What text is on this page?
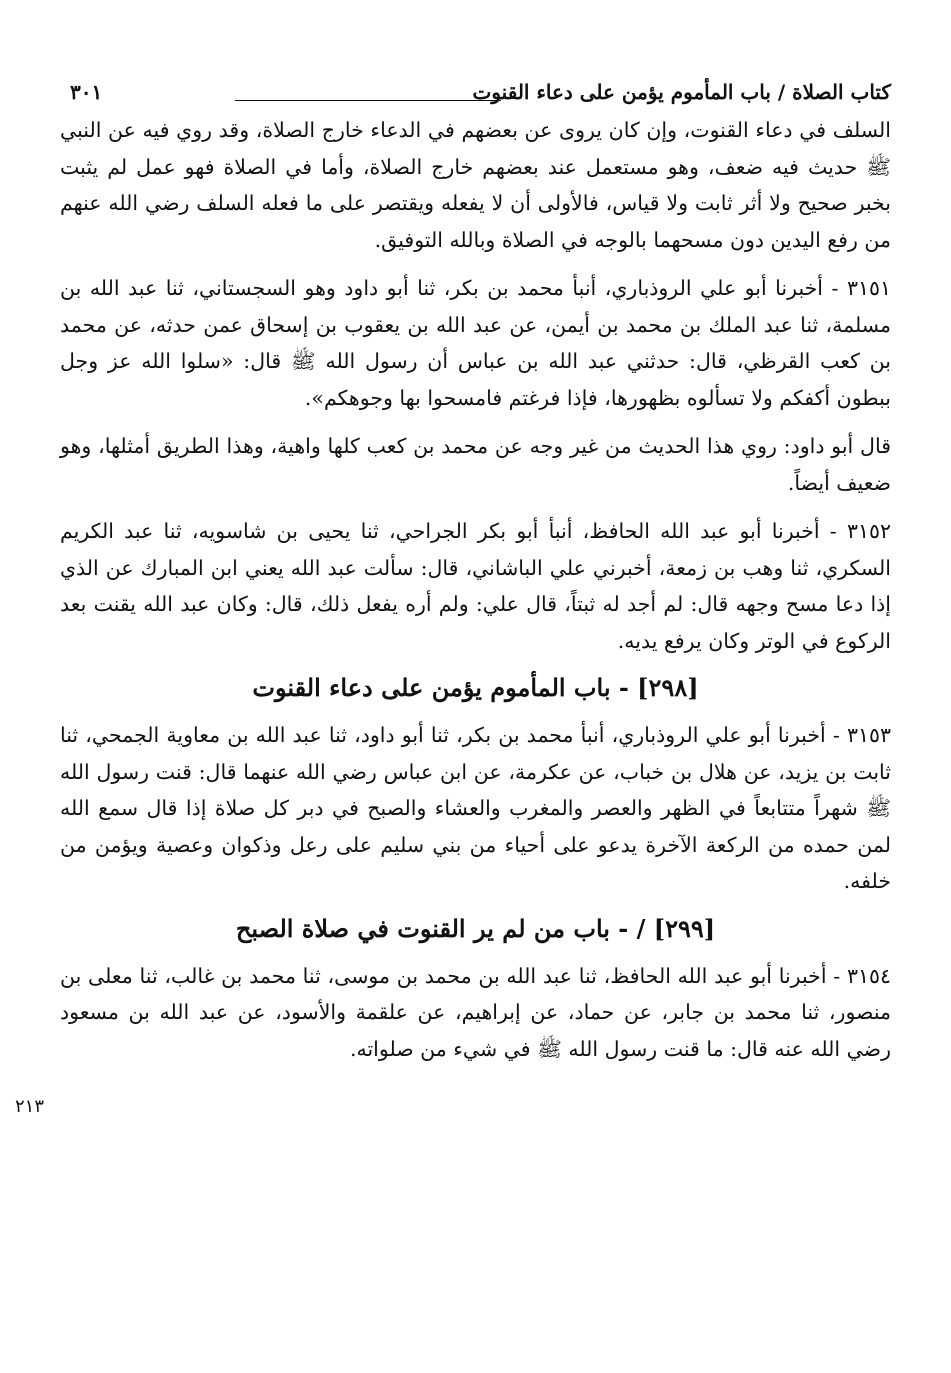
كتاب الصلاة / باب المأموم يؤمن على دعاء القنوت
٣٠١

السلف في دعاء القنوت، وإن كان يروى عن بعضهم في الدعاء خارج الصلاة، وقد روي فيه عن النبي ﷺ حديث فيه ضعف، وهو مستعمل عند بعضهم خارج الصلاة، وأما في الصلاة فهو عمل لم يثبت بخبر صحيح ولا أثر ثابت ولا قياس، فالأولى أن لا يفعله ويقتصر على ما فعله السلف رضي الله عنهم من رفع اليدين دون مسحهما بالوجه في الصلاة وبالله التوفيق.

٣١٥١ - أخبرنا أبو علي الروذباري، أنبأ محمد بن بكر، ثنا أبو داود وهو السجستاني، ثنا عبد الله بن مسلمة، ثنا عبد الملك بن محمد بن أيمن، عن عبد الله بن يعقوب بن إسحاق عمن حدثه، عن محمد بن كعب القرظي، قال: حدثني عبد الله بن عباس أن رسول الله ﷺ قال: «سلوا الله عز وجل ببطون أكفكم ولا تسألوه بظهورها، فإذا فرغتم فامسحوا بها وجوهكم».

قال أبو داود: روي هذا الحديث من غير وجه عن محمد بن كعب كلها واهية، وهذا الطريق أمثلها، وهو ضعيف أيضاً.

٣١٥٢ - أخبرنا أبو عبد الله الحافظ، أنبأ أبو بكر الجراحي، ثنا يحيى بن شاسويه، ثنا عبد الكريم السكري، ثنا وهب بن زمعة، أخبرني علي الباشاني، قال: سألت عبد الله يعني ابن المبارك عن الذي إذا دعا مسح وجهه قال: لم أجد له ثبتاً، قال علي: ولم أره يفعل ذلك، قال: وكان عبد الله يقنت بعد الركوع في الوتر وكان يرفع يديه.

[٢٩٨] - باب المأموم يؤمن على دعاء القنوت

٣١٥٣ - أخبرنا أبو علي الروذباري، أنبأ محمد بن بكر، ثنا أبو داود، ثنا عبد الله بن معاوية الجمحي، ثنا ثابت بن يزيد، عن هلال بن خباب، عن عكرمة، عن ابن عباس رضي الله عنهما قال: قنت رسول الله ﷺ شهراً متتابعاً في الظهر والعصر والمغرب والعشاء والصبح في دبر كل صلاة إذا قال سمع الله لمن حمده من الركعة الآخرة يدعو على أحياء من بني سليم على رعل وذكوان وعصية ويؤمن من خلفه.

[٢٩٩] / - باب من لم ير القنوت في صلاة الصبح

٣١٥٤ - أخبرنا أبو عبد الله الحافظ، ثنا عبد الله بن محمد بن موسى، ثنا محمد بن غالب، ثنا معلى بن منصور، ثنا محمد بن جابر، عن حماد، عن إبراهيم، عن علقمة والأسود، عن عبد الله بن مسعود رضي الله عنه قال: ما قنت رسول الله ﷺ في شيء من صلواته.

٢١٣
